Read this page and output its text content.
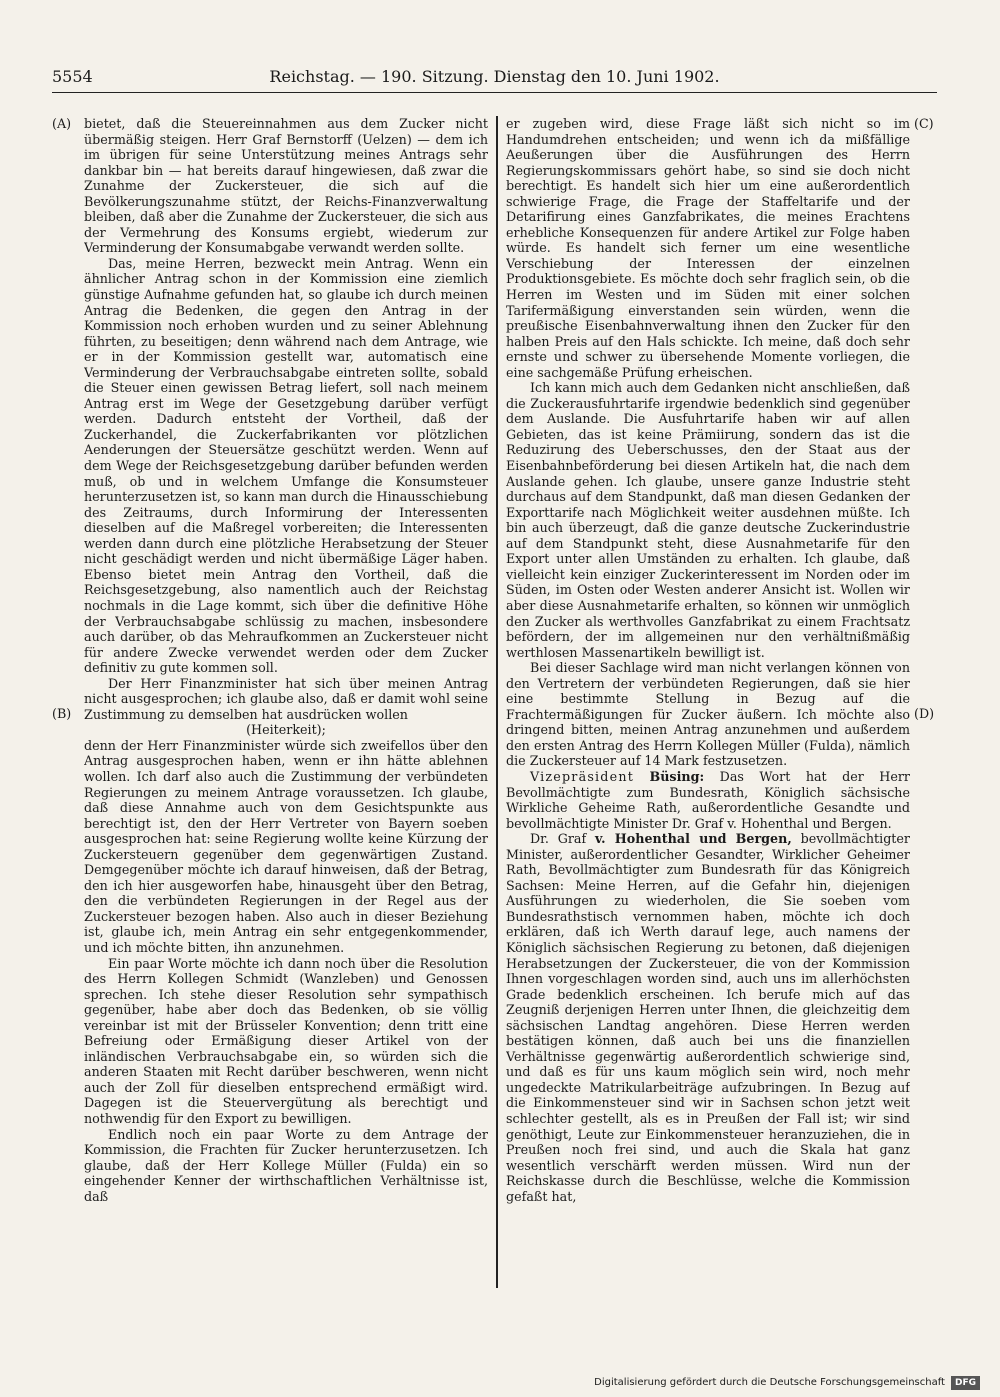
5554	Reichstag. — 190. Sitzung. Dienstag den 10. Juni 1902.
(A)
(B)
(C)
(D)

bietet, daß die Steuereinnahmen aus dem Zucker nicht übermäßig steigen. Herr Graf Bernstorff (Uelzen) — dem ich im übrigen für seine Unterstützung meines Antrags sehr dankbar bin — hat bereits darauf hingewiesen, daß zwar die Zunahme der Zuckersteuer, die sich auf die Bevölkerungszunahme stützt, der Reichs-Finanzverwaltung bleiben, daß aber die Zunahme der Zuckersteuer, die sich aus der Vermehrung des Konsums ergiebt, wiederum zur Verminderung der Konsumabgabe verwandt werden sollte.

Das, meine Herren, bezweckt mein Antrag. Wenn ein ähnlicher Antrag schon in der Kommission eine ziemlich günstige Aufnahme gefunden hat, so glaube ich durch meinen Antrag die Bedenken, die gegen den Antrag in der Kommission noch erhoben wurden und zu seiner Ablehnung führten, zu beseitigen; denn während nach dem Antrage, wie er in der Kommission gestellt war, automatisch eine Verminderung der Verbrauchsabgabe eintreten sollte, sobald die Steuer einen gewissen Betrag liefert, soll nach meinem Antrag erst im Wege der Gesetzgebung darüber verfügt werden. Dadurch entsteht der Vortheil, daß der Zuckerhandel, die Zuckerfabrikanten vor plötzlichen Aenderungen der Steuersätze geschützt werden. Wenn auf dem Wege der Reichsgesetzgebung darüber befunden werden muß, ob und in welchem Umfange die Konsumsteuer herunterzusetzen ist, so kann man durch die Hinausschiebung des Zeitraums, durch Informirung der Interessenten dieselben auf die Maßregel vorbereiten; die Interessenten werden dann durch eine plötzliche Herabsetzung der Steuer nicht geschädigt werden und nicht übermäßige Läger haben. Ebenso bietet mein Antrag den Vortheil, daß die Reichsgesetzgebung, also namentlich auch der Reichstag nochmals in die Lage kommt, sich über die definitive Höhe der Verbrauchsabgabe schlüssig zu machen, insbesondere auch darüber, ob das Mehraufkommen an Zuckersteuer nicht für andere Zwecke verwendet werden oder dem Zucker definitiv zu gute kommen soll.

Der Herr Finanzminister hat sich über meinen Antrag nicht ausgesprochen; ich glaube also, daß er damit wohl seine Zustimmung zu demselben hat ausdrücken wollen

(Heiterkeit);

denn der Herr Finanzminister würde sich zweifellos über den Antrag ausgesprochen haben, wenn er ihn hätte ablehnen wollen. Ich darf also auch die Zustimmung der verbündeten Regierungen zu meinem Antrage voraussetzen. Ich glaube, daß diese Annahme auch von dem Gesichtspunkte aus berechtigt ist, den der Herr Vertreter von Bayern soeben ausgesprochen hat: seine Regierung wollte keine Kürzung der Zuckersteuern gegenüber dem gegenwärtigen Zustand. Demgegenüber möchte ich darauf hinweisen, daß der Betrag, den ich hier ausgeworfen habe, hinausgeht über den Betrag, den die verbündeten Regierungen in der Regel aus der Zuckersteuer bezogen haben. Also auch in dieser Beziehung ist, glaube ich, mein Antrag ein sehr entgegenkommender, und ich möchte bitten, ihn anzunehmen.

Ein paar Worte möchte ich dann noch über die Resolution des Herrn Kollegen Schmidt (Wanzleben) und Genossen sprechen. Ich stehe dieser Resolution sehr sympathisch gegenüber, habe aber doch das Bedenken, ob sie völlig vereinbar ist mit der Brüsseler Konvention; denn tritt eine Befreiung oder Ermäßigung dieser Artikel von der inländischen Verbrauchsabgabe ein, so würden sich die anderen Staaten mit Recht darüber beschweren, wenn nicht auch der Zoll für dieselben entsprechend ermäßigt wird. Dagegen ist die Steuervergütung als berechtigt und nothwendig für den Export zu bewilligen.

Endlich noch ein paar Worte zu dem Antrage der Kommission, die Frachten für Zucker herunterzusetzen. Ich glaube, daß der Herr Kollege Müller (Fulda) ein so eingehender Kenner der wirthschaftlichen Verhältnisse ist, daß

er zugeben wird, diese Frage läßt sich nicht so im Handumdrehen entscheiden; und wenn ich da mißfällige Aeußerungen über die Ausführungen des Herrn Regierungskommissars gehört habe, so sind sie doch nicht berechtigt. Es handelt sich hier um eine außerordentlich schwierige Frage, die Frage der Staffeltarife und der Detarifirung eines Ganzfabrikates, die meines Erachtens erhebliche Konsequenzen für andere Artikel zur Folge haben würde. Es handelt sich ferner um eine wesentliche Verschiebung der Interessen der einzelnen Produktionsgebiete. Es möchte doch sehr fraglich sein, ob die Herren im Westen und im Süden mit einer solchen Tarifermäßigung einverstanden sein würden, wenn die preußische Eisenbahnverwaltung ihnen den Zucker für den halben Preis auf den Hals schickte. Ich meine, daß doch sehr ernste und schwer zu übersehende Momente vorliegen, die eine sachgemäße Prüfung erheischen.

Ich kann mich auch dem Gedanken nicht anschließen, daß die Zuckerausfuhrtarife irgendwie bedenklich sind gegenüber dem Auslande. Die Ausfuhrtarife haben wir auf allen Gebieten, das ist keine Prämiirung, sondern das ist die Reduzirung des Ueberschusses, den der Staat aus der Eisenbahnbeförderung bei diesen Artikeln hat, die nach dem Auslande gehen. Ich glaube, unsere ganze Industrie steht durchaus auf dem Standpunkt, daß man diesen Gedanken der Exporttarife nach Möglichkeit weiter ausdehnen müßte. Ich bin auch überzeugt, daß die ganze deutsche Zuckerindustrie auf dem Standpunkt steht, diese Ausnahmetarife für den Export unter allen Umständen zu erhalten. Ich glaube, daß vielleicht kein einziger Zuckerinteressent im Norden oder im Süden, im Osten oder Westen anderer Ansicht ist. Wollen wir aber diese Ausnahmetarife erhalten, so können wir unmöglich den Zucker als werthvolles Ganzfabrikat zu einem Frachtsatz befördern, der im allgemeinen nur den verhältnißmäßig werthlosen Massenartikeln bewilligt ist.

Bei dieser Sachlage wird man nicht verlangen können von den Vertretern der verbündeten Regierungen, daß sie hier eine bestimmte Stellung in Bezug auf die Frachtermäßigungen für Zucker äußern. Ich möchte also dringend bitten, meinen Antrag anzunehmen und außerdem den ersten Antrag des Herrn Kollegen Müller (Fulda), nämlich die Zuckersteuer auf 14 Mark festzusetzen.

Vizepräsident Büsing: Das Wort hat der Herr Bevollmächtigte zum Bundesrath, Königlich sächsische Wirkliche Geheime Rath, außerordentliche Gesandte und bevollmächtigte Minister Dr. Graf v. Hohenthal und Bergen.

Dr. Graf v. Hohenthal und Bergen, bevollmächtigter Minister, außerordentlicher Gesandter, Wirklicher Geheimer Rath, Bevollmächtigter zum Bundesrath für das Königreich Sachsen: Meine Herren, auf die Gefahr hin, diejenigen Ausführungen zu wiederholen, die Sie soeben vom Bundesrathstisch vernommen haben, möchte ich doch erklären, daß ich Werth darauf lege, auch namens der Königlich sächsischen Regierung zu betonen, daß diejenigen Herabsetzungen der Zuckersteuer, die von der Kommission Ihnen vorgeschlagen worden sind, auch uns im allerhöchsten Grade bedenklich erscheinen. Ich berufe mich auf das Zeugniß derjenigen Herren unter Ihnen, die gleichzeitig dem sächsischen Landtag angehören. Diese Herren werden bestätigen können, daß auch bei uns die finanziellen Verhältnisse gegenwärtig außerordentlich schwierige sind, und daß es für uns kaum möglich sein wird, noch mehr ungedeckte Matrikularbeiträge aufzubringen. In Bezug auf die Einkommensteuer sind wir in Sachsen schon jetzt weit schlechter gestellt, als es in Preußen der Fall ist; wir sind genöthigt, Leute zur Einkommensteuer heranzuziehen, die in Preußen noch frei sind, und auch die Skala hat ganz wesentlich verschärft werden müssen. Wird nun der Reichskasse durch die Beschlüsse, welche die Kommission gefaßt hat,

Digitalisierung gefördert durch die Deutsche Forschungsgemeinschaft DFG
